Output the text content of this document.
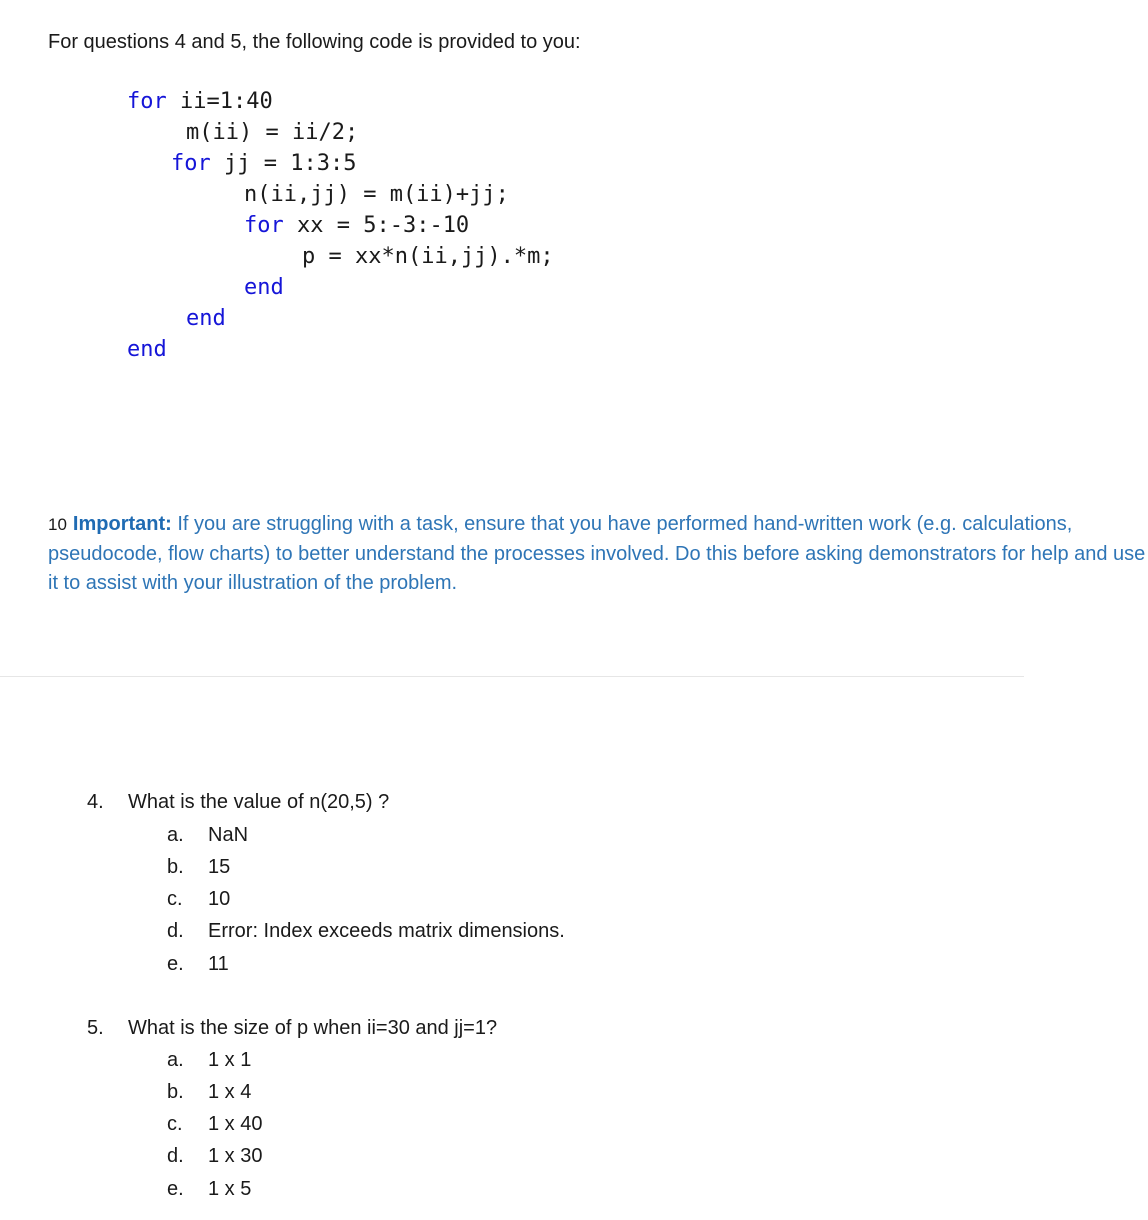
For questions 4 and 5, the following code is provided to you:
for ii=1:40
m(ii) = ii/2;
for jj = 1:3:5
n(ii,jj) = m(ii)+jj;
for xx = 5:-3:-10
p = xx*n(ii,jj).*m;
end
end
end
10 Important: If you are struggling with a task, ensure that you have performed hand-written work (e.g. calculations, pseudocode, flow charts) to better understand the processes involved. Do this before asking demonstrators for help and use it to assist with your illustration of the problem.
4. What is the value of n(20,5) ?
a. NaN
b. 15
c. 10
d. Error: Index exceeds matrix dimensions.
e. 11
5. What is the size of p when ii=30 and jj=1?
a. 1 x 1
b. 1 x 4
c. 1 x 40
d. 1 x 30
e. 1 x 5
